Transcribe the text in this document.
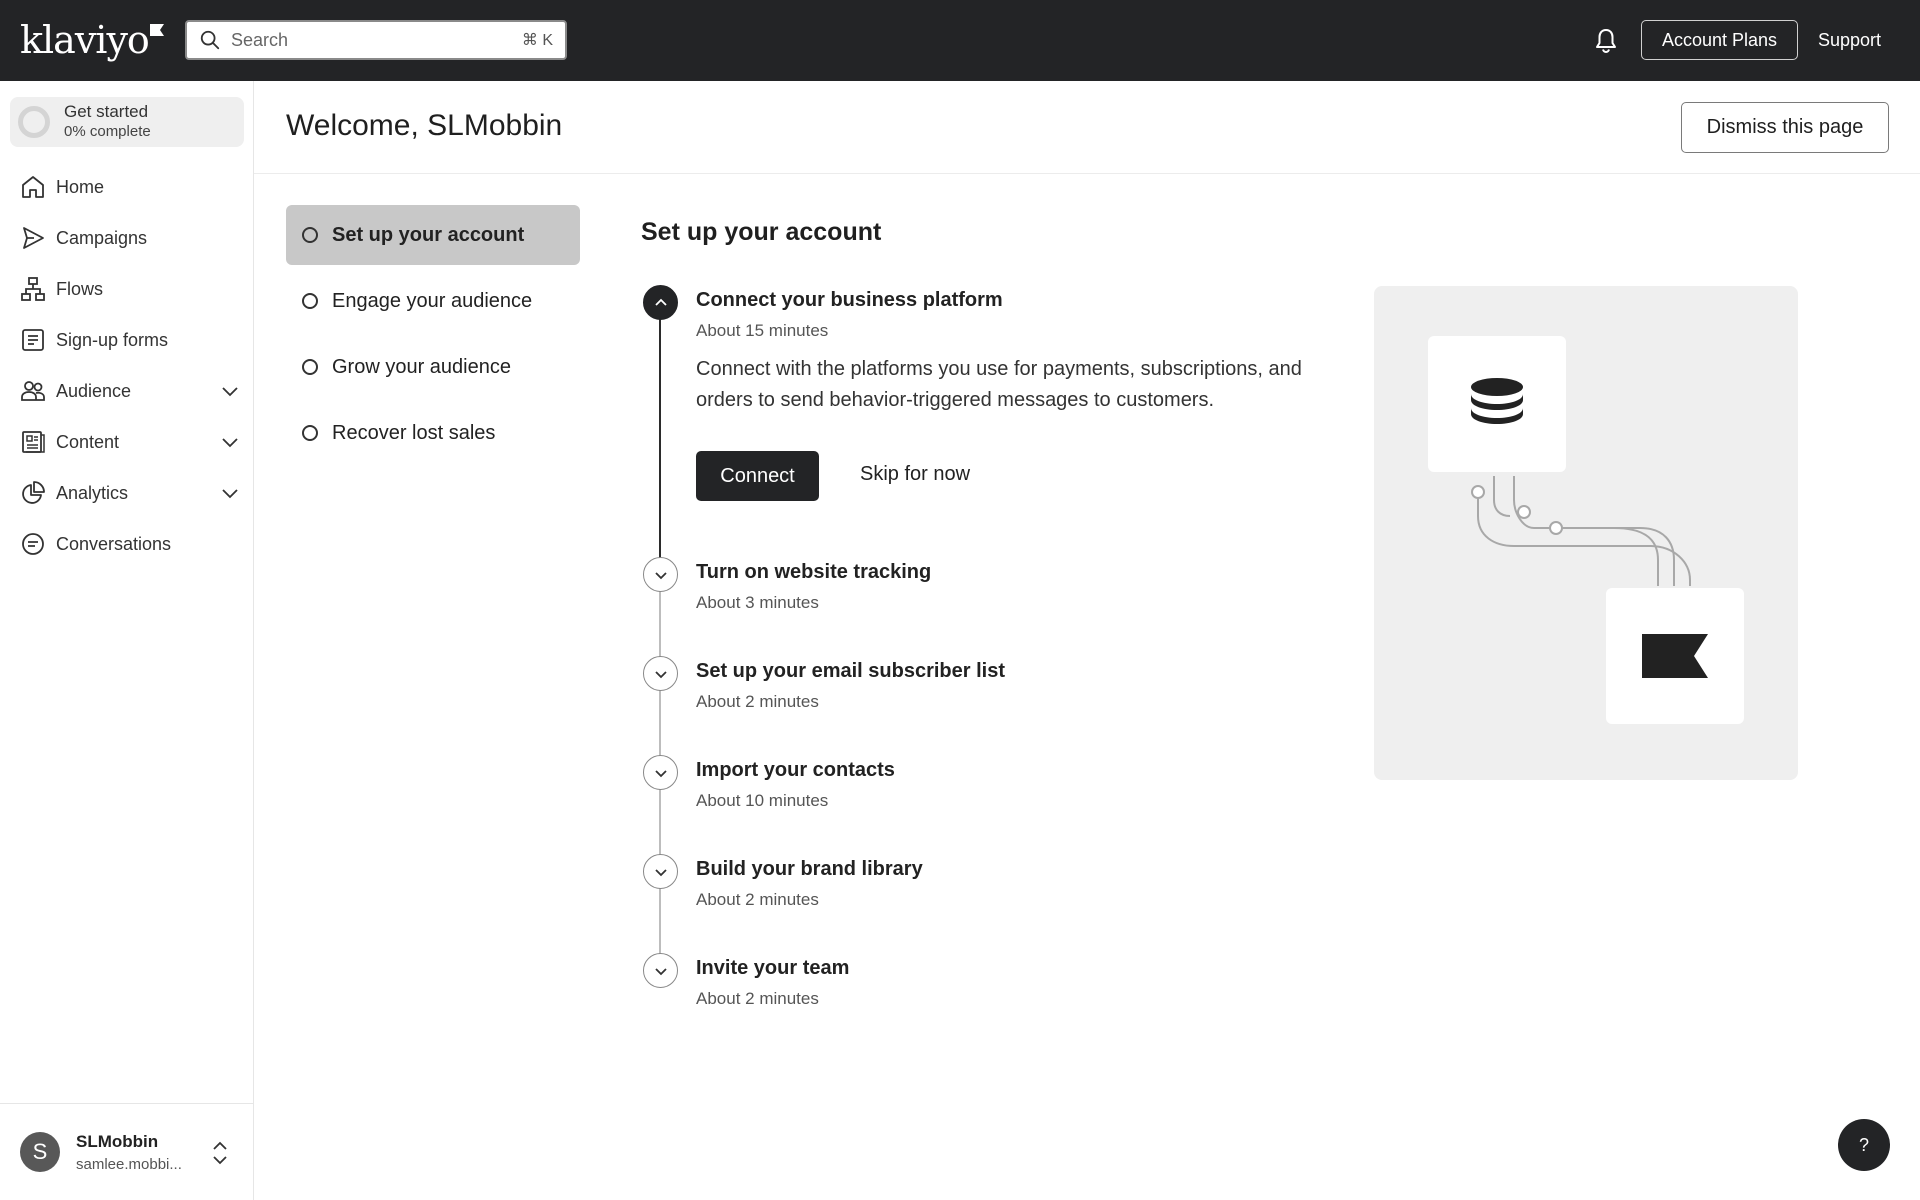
klaviyo
Search	⌘ K	Account Plans	Support
Get started
0% complete
Home
Campaigns
Flows
Sign-up forms
Audience
Content
Analytics
Conversations
S	SLMobbin
samlee.mobbi...
Welcome, SLMobbin	Dismiss this page
Set up your account
Engage your audience
Grow your audience
Recover lost sales
Set up your account
Connect your business platform
About 15 minutes
Connect with the platforms you use for payments, subscriptions, and orders to send behavior-triggered messages to customers.
Connect	Skip for now
Turn on website tracking
About 3 minutes
Set up your email subscriber list
About 2 minutes
Import your contacts
About 10 minutes
Build your brand library
About 2 minutes
Invite your team
About 2 minutes
?
